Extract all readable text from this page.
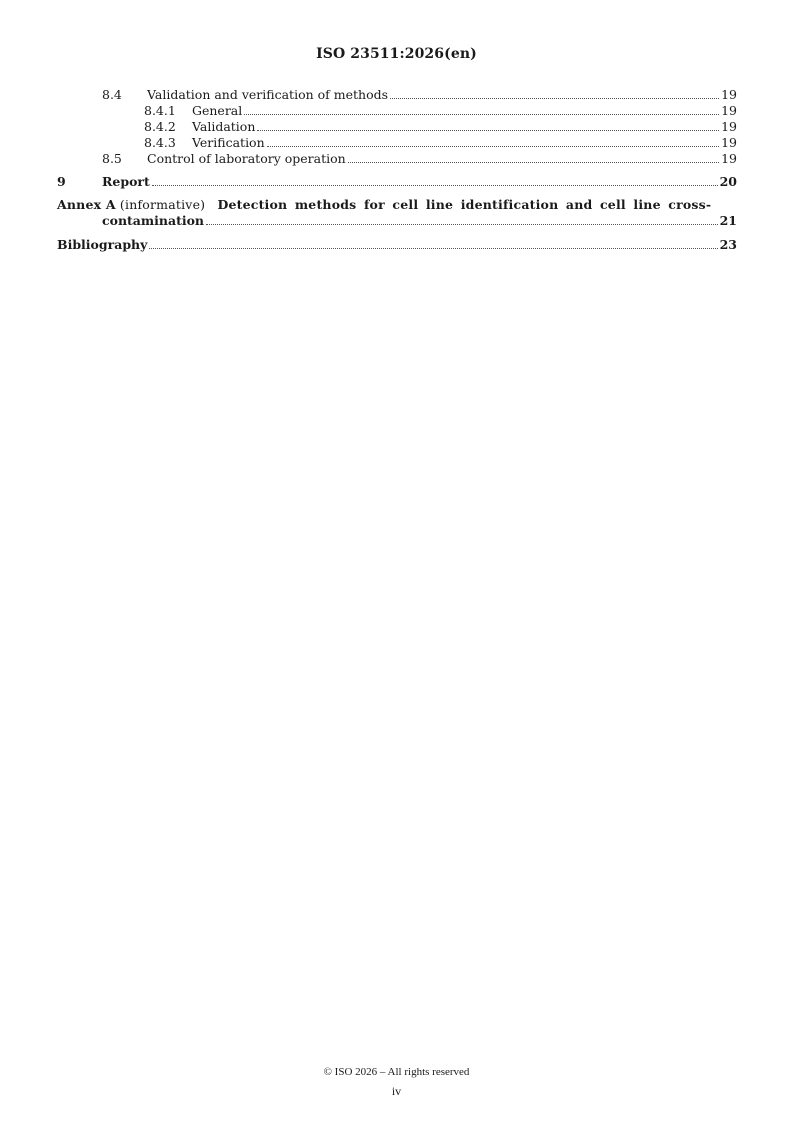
ISO 23511:2026(en)
8.4 Validation and verification of methods	19
8.4.1 General	19
8.4.2 Validation	19
8.4.3 Verification	19
8.5 Control of laboratory operation	19
9	Report	20
Annex A (informative) Detection methods for cell line identification and cell line cross-
contamination	21
Bibliography	23
© ISO 2026 – All rights reserved
iv
